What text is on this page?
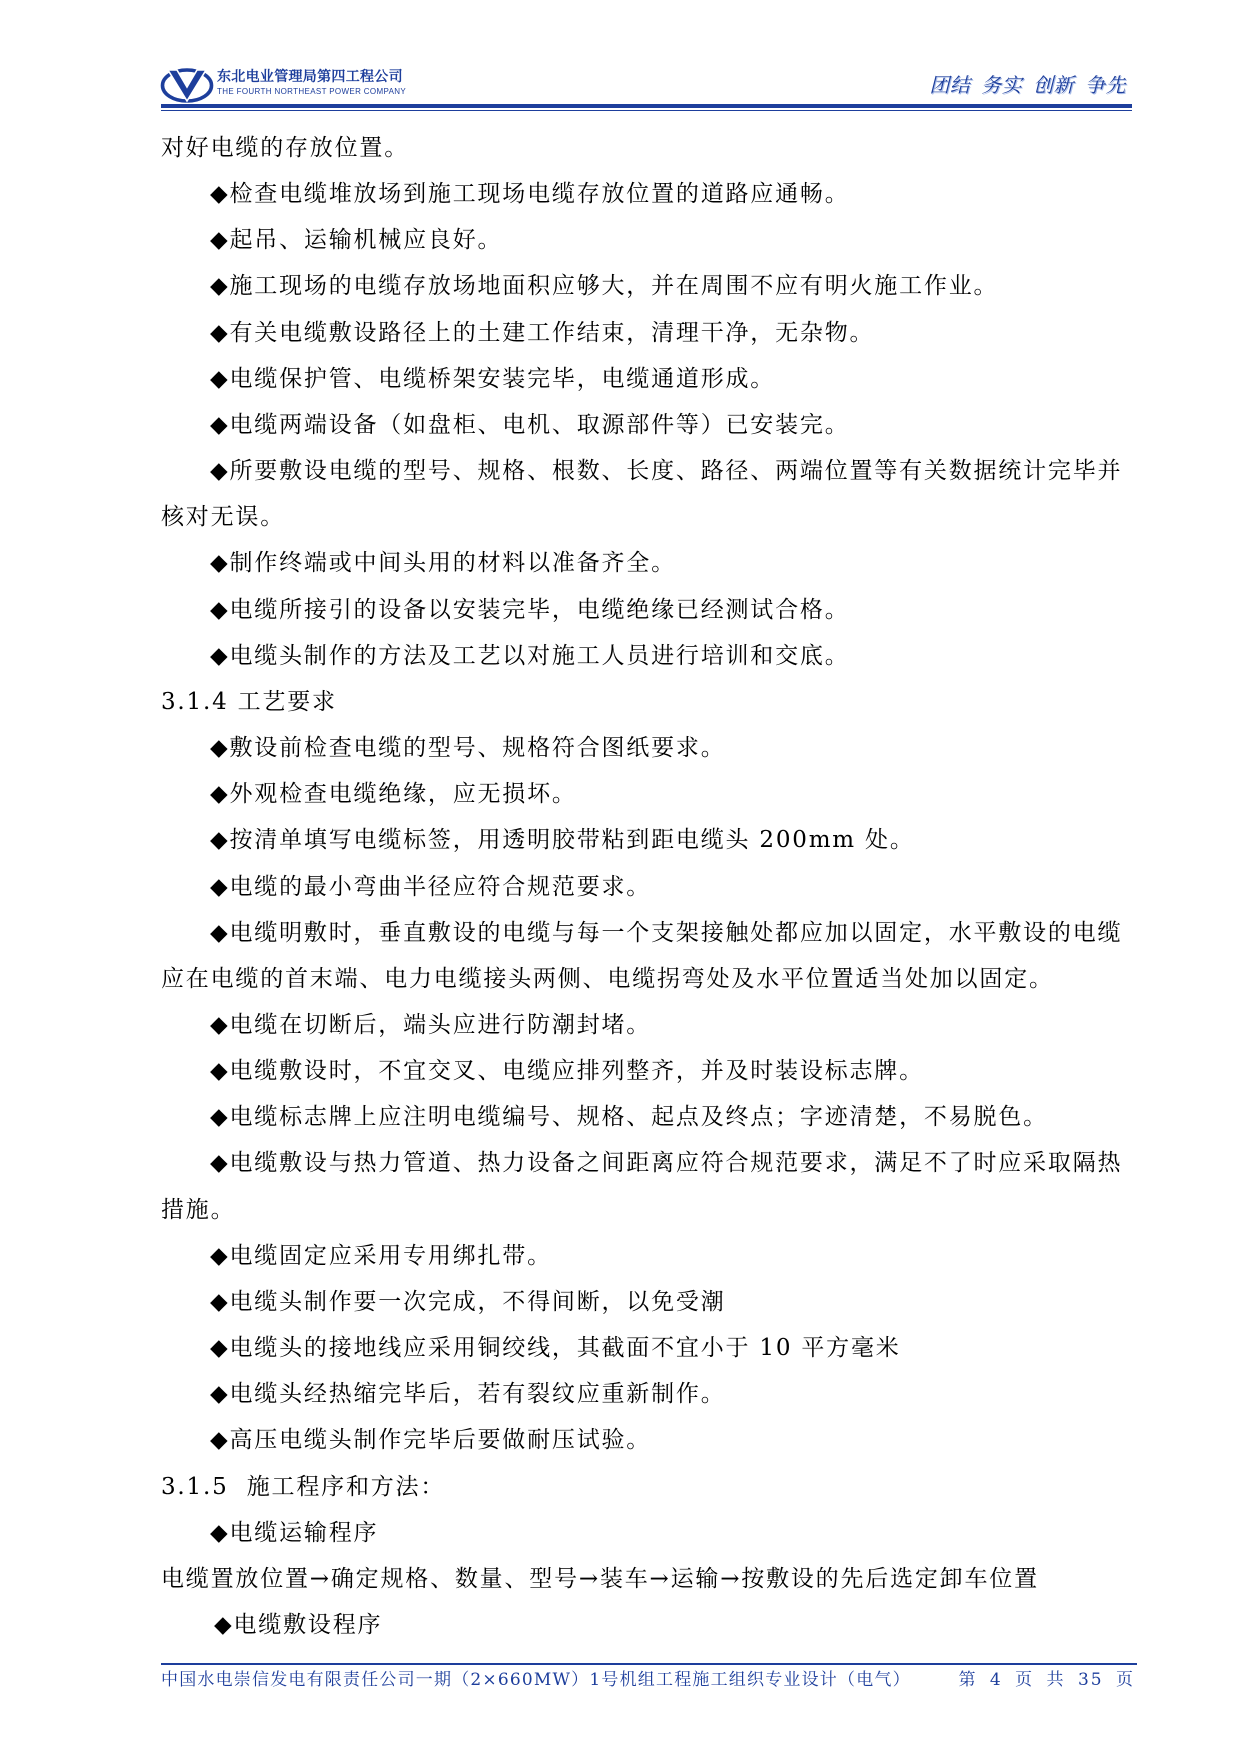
东北电业管理局第四工程公司
THE FOURTH NORTHEAST POWER COMPANY	团结 务实 创新 争先
对好电缆的存放位置。
◆检查电缆堆放场到施工现场电缆存放位置的道路应通畅。
◆起吊、运输机械应良好。
◆施工现场的电缆存放场地面积应够大，并在周围不应有明火施工作业。
◆有关电缆敷设路径上的土建工作结束，清理干净，无杂物。
◆电缆保护管、电缆桥架安装完毕，电缆通道形成。
◆电缆两端设备（如盘柜、电机、取源部件等）已安装完。
◆所要敷设电缆的型号、规格、根数、长度、路径、两端位置等有关数据统计完毕并
核对无误。
◆制作终端或中间头用的材料以准备齐全。
◆电缆所接引的设备以安装完毕，电缆绝缘已经测试合格。
◆电缆头制作的方法及工艺以对施工人员进行培训和交底。
3.1.4 工艺要求
◆敷设前检查电缆的型号、规格符合图纸要求。
◆外观检查电缆绝缘，应无损坏。
◆按清单填写电缆标签，用透明胶带粘到距电缆头 200mm 处。
◆电缆的最小弯曲半径应符合规范要求。
◆电缆明敷时，垂直敷设的电缆与每一个支架接触处都应加以固定，水平敷设的电缆
应在电缆的首末端、电力电缆接头两侧、电缆拐弯处及水平位置适当处加以固定。
◆电缆在切断后，端头应进行防潮封堵。
◆电缆敷设时，不宜交叉、电缆应排列整齐，并及时装设标志牌。
◆电缆标志牌上应注明电缆编号、规格、起点及终点；字迹清楚，不易脱色。
◆电缆敷设与热力管道、热力设备之间距离应符合规范要求，满足不了时应采取隔热
措施。
◆电缆固定应采用专用绑扎带。
◆电缆头制作要一次完成，不得间断，以免受潮
◆电缆头的接地线应采用铜绞线，其截面不宜小于 10 平方毫米
◆电缆头经热缩完毕后，若有裂纹应重新制作。
◆高压电缆头制作完毕后要做耐压试验。
3.1.5  施工程序和方法：
◆电缆运输程序
电缆置放位置→确定规格、数量、型号→装车→运输→按敷设的先后选定卸车位置
◆电缆敷设程序
中国水电崇信发电有限责任公司一期（2×660MW）1号机组工程施工组织专业设计（电气）	第 4 页 共 35 页
